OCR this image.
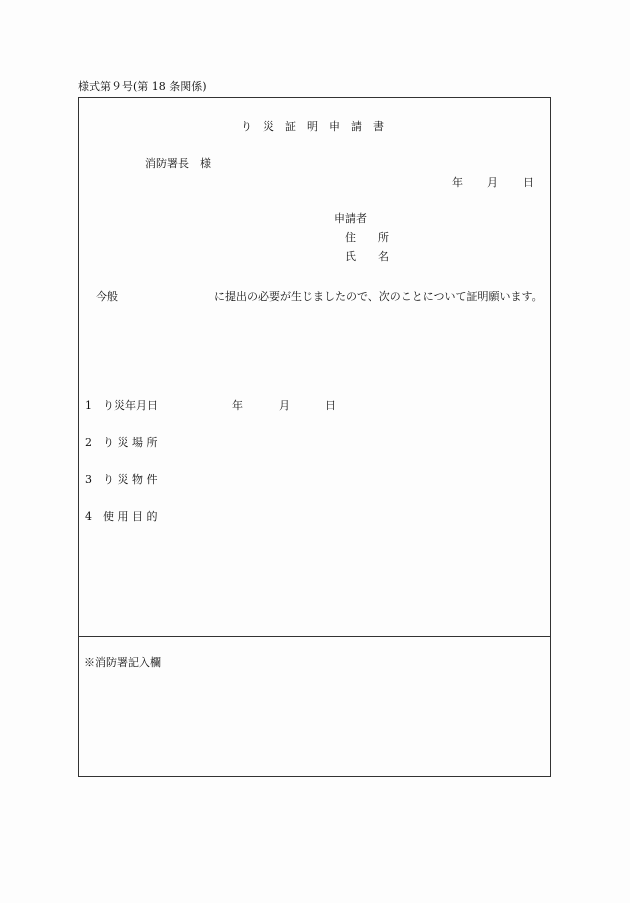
様式第９号(第 18 条関係)
り　災　証　明　申　請　書
消防署長　様
年 月 日
申請者
住　　所
氏　　名
今般	に提出の必要が生じましたので、次のことについて証明願います。
1 り災年月日	年	月	日
2 り 災 場 所
3 り 災 物 件
4 使 用 目 的
※消防署記入欄
